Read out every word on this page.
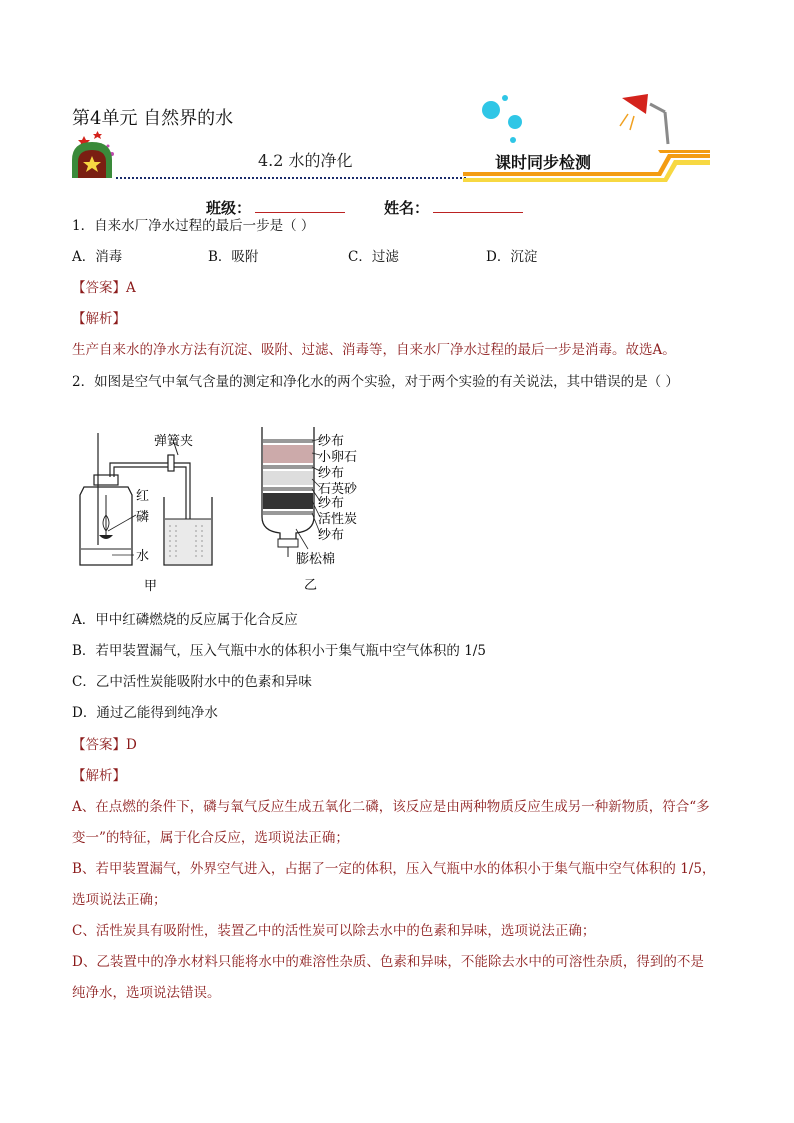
第4单元 自然界的水
4.2 水的净化	课时同步检测
班级：	姓名：
1．自来水厂净水过程的最后一步是（ ）
A．消毒	B．吸附	C．过滤	D．沉淀
【答案】A
【解析】
生产自来水的净水方法有沉淀、吸附、过滤、消毒等，自来水厂净水过程的最后一步是消毒。故选A。
2．如图是空气中氧气含量的测定和净化水的两个实验，对于两个实验的有关说法，其中错误的是（ ）
弹簧夹
红
磷
水
甲
纱布
小卵石
纱布
石英砂
纱布
活性炭
纱布
膨松棉
乙
A．甲中红磷燃烧的反应属于化合反应
B．若甲装置漏气，压入气瓶中水的体积小于集气瓶中空气体积的 1/5
C．乙中活性炭能吸附水中的色素和异味
D．通过乙能得到纯净水
【答案】D
【解析】
A、在点燃的条件下，磷与氧气反应生成五氧化二磷，该反应是由两种物质反应生成另一种新物质，符合“多
变一”的特征，属于化合反应，选项说法正确；
B、若甲装置漏气，外界空气进入，占据了一定的体积，压入气瓶中水的体积小于集气瓶中空气体积的 1/5，
选项说法正确；
C、活性炭具有吸附性，装置乙中的活性炭可以除去水中的色素和异味，选项说法正确；
D、乙装置中的净水材料只能将水中的难溶性杂质、色素和异味，不能除去水中的可溶性杂质，得到的不是
纯净水，选项说法错误。
